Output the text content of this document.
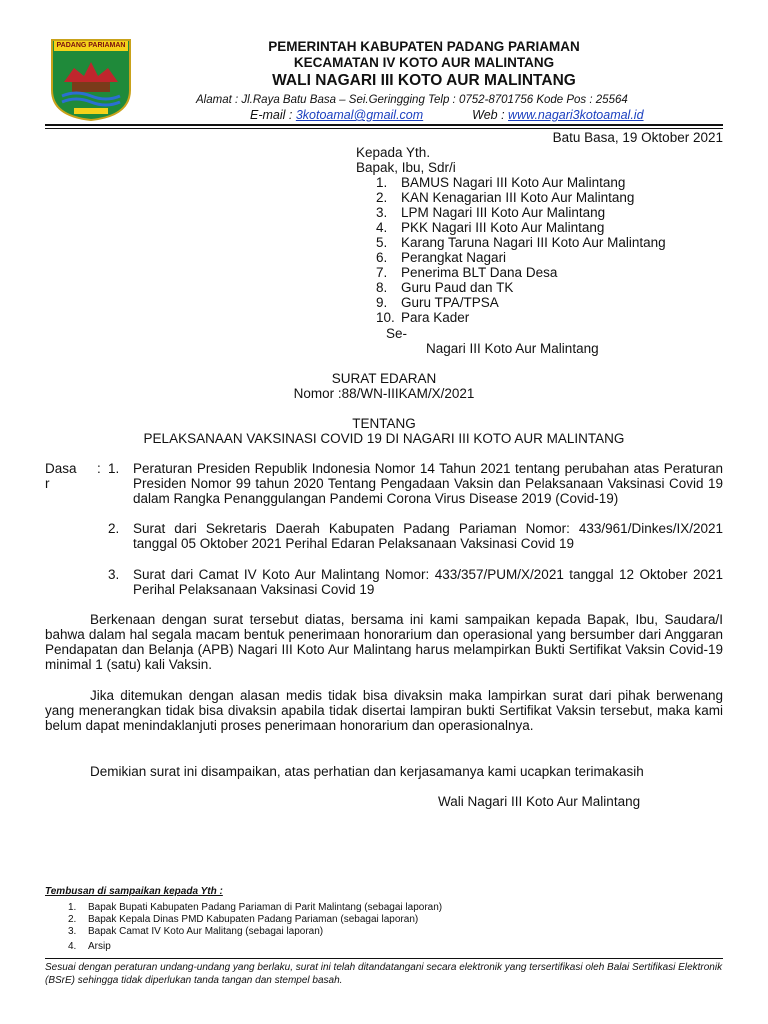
PADANG PARIAMAN	PEMERINTAH KABUPATEN PADANG PARIAMAN
KECAMATAN IV KOTO AUR MALINTANG
WALI NAGARI III KOTO AUR MALINTANG
Alamat : Jl.Raya Batu Basa – Sei.Geringging Telp : 0752-8701756 Kode Pos : 25564
E-mail : 3kotoamal@gmail.com	Web : www.nagari3kotoamal.id
Batu Basa, 19 Oktober 2021
Kepada Yth.
Bapak, Ibu, Sdr/i
1. BAMUS Nagari III Koto Aur Malintang
2. KAN Kenagarian III Koto Aur Malintang
3. LPM Nagari III Koto Aur Malintang
4. PKK Nagari III Koto Aur Malintang
5. Karang Taruna Nagari III Koto Aur Malintang
6. Perangkat Nagari
7. Penerima BLT Dana Desa
8. Guru Paud dan TK
9. Guru TPA/TPSA
10. Para Kader
Se-
Nagari III Koto Aur Malintang
SURAT EDARAN
Nomor :88/WN-IIIKAM/X/2021
TENTANG
PELAKSANAAN VAKSINASI COVID 19 DI NAGARI III KOTO AUR MALINTANG
Dasa
r
: 1. Peraturan Presiden Republik Indonesia Nomor 14 Tahun 2021 tentang perubahan atas Peraturan Presiden Nomor 99 tahun 2020 Tentang Pengadaan Vaksin dan Pelaksanaan Vaksinasi Covid 19 dalam Rangka Penanggulangan Pandemi Corona Virus Disease 2019 (Covid-19)
2. Surat dari Sekretaris Daerah Kabupaten Padang Pariaman Nomor: 433/961/Dinkes/IX/2021 tanggal 05 Oktober 2021 Perihal Edaran Pelaksanaan Vaksinasi Covid 19
3. Surat dari Camat IV Koto Aur Malintang Nomor: 433/357/PUM/X/2021 tanggal 12 Oktober 2021 Perihal Pelaksanaan Vaksinasi Covid 19
Berkenaan dengan surat tersebut diatas, bersama ini kami sampaikan kepada Bapak, Ibu, Saudara/I bahwa dalam hal segala macam bentuk penerimaan honorarium dan operasional yang bersumber dari Anggaran Pendapatan dan Belanja (APB) Nagari III Koto Aur Malintang harus melampirkan Bukti Sertifikat Vaksin Covid-19 minimal 1 (satu) kali Vaksin.
Jika ditemukan dengan alasan medis tidak bisa divaksin maka lampirkan surat dari pihak berwenang yang menerangkan tidak bisa divaksin apabila tidak disertai lampiran bukti Sertifikat Vaksin tersebut, maka kami belum dapat menindaklanjuti proses penerimaan honorarium dan operasionalnya.
Demikian surat ini disampaikan, atas perhatian dan kerjasamanya kami ucapkan terimakasih
Wali Nagari III Koto Aur Malintang
Tembusan di sampaikan kepada Yth :
1. Bapak Bupati Kabupaten Padang Pariaman di Parit Malintang (sebagai laporan)
2. Bapak Kepala Dinas PMD Kabupaten Padang Pariaman (sebagai laporan)
3. Bapak Camat IV Koto Aur Malitang (sebagai laporan)
4. Arsip
Sesuai dengan peraturan undang-undang yang berlaku, surat ini telah ditandatangani secara elektronik yang tersertifikasi oleh Balai Sertifikasi Elektronik (BSrE) sehingga tidak diperlukan tanda tangan dan stempel basah.
